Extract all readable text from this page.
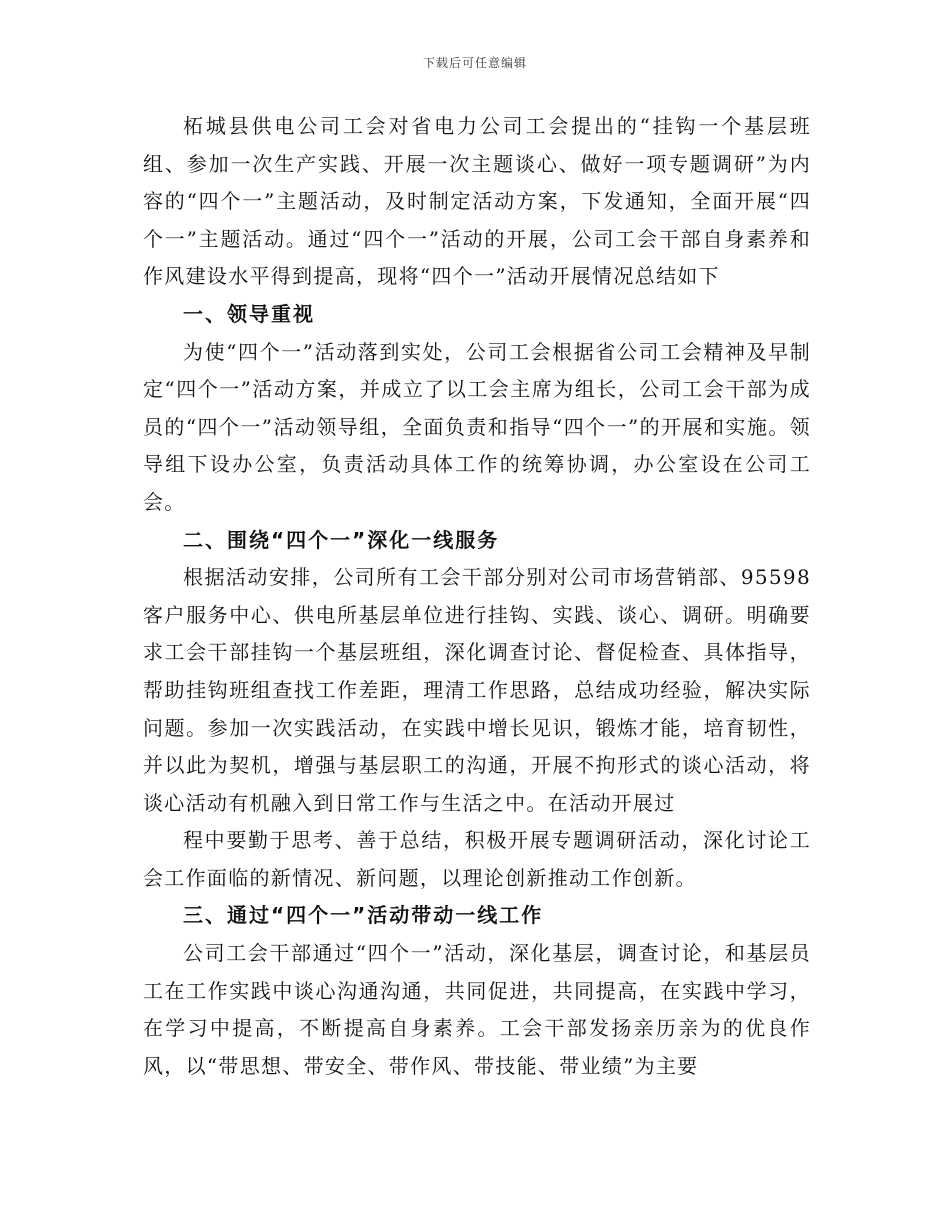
下载后可任意编辑

柘城县供电公司工会对省电力公司工会提出的“挂钩一个基层班组、参加一次生产实践、开展一次主题谈心、做好一项专题调研”为内容的“四个一”主题活动，及时制定活动方案，下发通知，全面开展“四个一”主题活动。通过“四个一”活动的开展，公司工会干部自身素养和作风建设水平得到提高，现将“四个一”活动开展情况总结如下

一、领导重视

为使“四个一”活动落到实处，公司工会根据省公司工会精神及早制定“四个一”活动方案，并成立了以工会主席为组长，公司工会干部为成员的“四个一”活动领导组，全面负责和指导“四个一”的开展和实施。领导组下设办公室，负责活动具体工作的统筹协调，办公室设在公司工会。

二、围绕“四个一”深化一线服务

根据活动安排，公司所有工会干部分别对公司市场营销部、95598客户服务中心、供电所基层单位进行挂钩、实践、谈心、调研。明确要求工会干部挂钩一个基层班组，深化调查讨论、督促检查、具体指导，帮助挂钩班组查找工作差距，理清工作思路，总结成功经验，解决实际问题。参加一次实践活动，在实践中增长见识，锻炼才能，培育韧性，并以此为契机，增强与基层职工的沟通，开展不拘形式的谈心活动，将谈心活动有机融入到日常工作与生活之中。在活动开展过

程中要勤于思考、善于总结，积极开展专题调研活动，深化讨论工会工作面临的新情况、新问题，以理论创新推动工作创新。

三、通过“四个一”活动带动一线工作

公司工会干部通过“四个一”活动，深化基层，调查讨论，和基层员工在工作实践中谈心沟通沟通，共同促进，共同提高，在实践中学习，在学习中提高，不断提高自身素养。工会干部发扬亲历亲为的优良作风，以“带思想、带安全、带作风、带技能、带业绩”为主要
